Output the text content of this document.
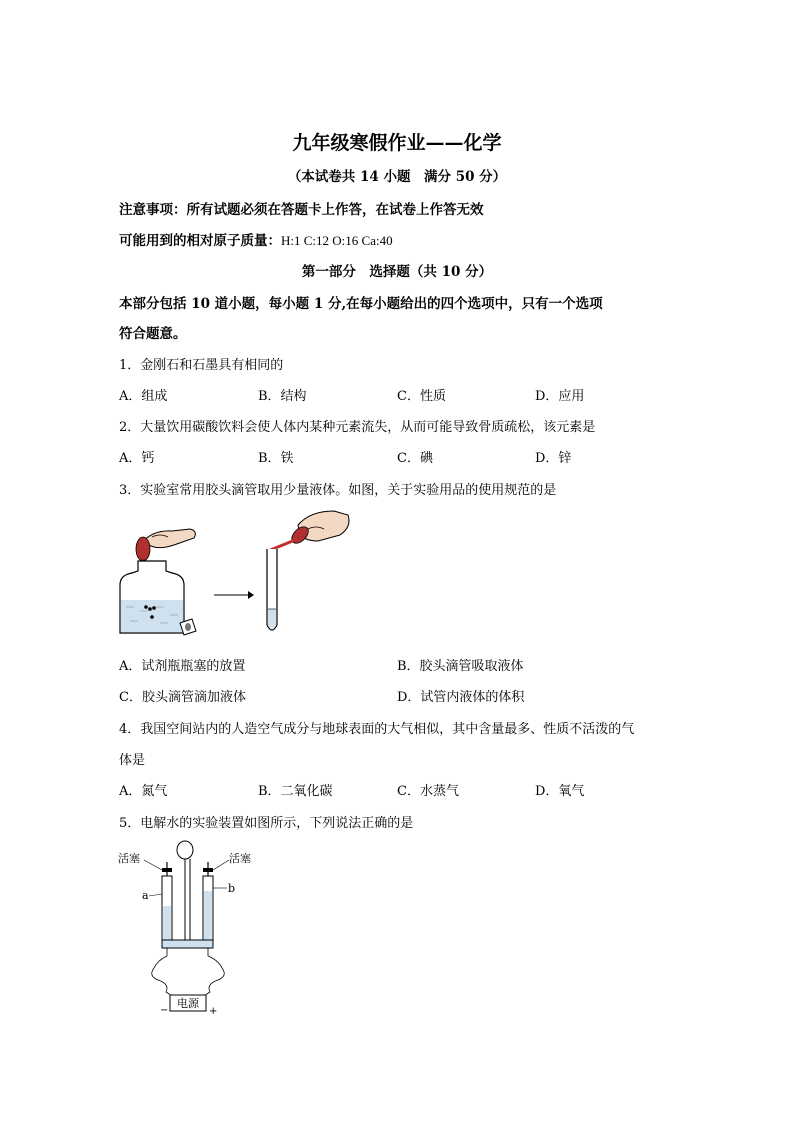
九年级寒假作业——化学
（本试卷共 14 小题　满分 50 分）
注意事项：所有试题必须在答题卡上作答，在试卷上作答无效
可能用到的相对原子质量：H:1 C:12 O:16 Ca:40
第一部分　选择题（共 10 分）
本部分包括 10 道小题，每小题 1 分,在每小题给出的四个选项中，只有一个选项
符合题意。
1．金刚石和石墨具有相同的
A．组成	B．结构	C．性质	D．应用
2．大量饮用碳酸饮料会使人体内某种元素流失，从而可能导致骨质疏松，该元素是
A．钙	B．铁	C．碘	D．锌
3．实验室常用胶头滴管取用少量液体。如图，关于实验用品的使用规范的是
A．试剂瓶瓶塞的放置	B．胶头滴管吸取液体
C．胶头滴管滴加液体	D．试管内液体的体积
4．我国空间站内的人造空气成分与地球表面的大气相似，其中含量最多、性质不活泼的气
体是
A．氮气	B．二氧化碳	C．水蒸气	D．氧气
5．电解水的实验装置如图所示，下列说法正确的是
电源
−	+
活塞	活塞
a
b
